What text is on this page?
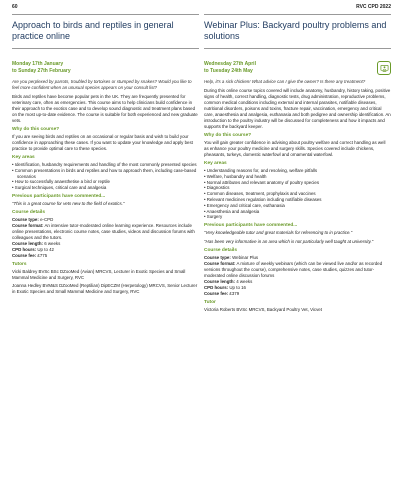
60	RVC CPD 2022
Approach to birds and reptiles in general practice online
Monday 17th January
to Sunday 27th February

Are you perplexed by parrots, troubled by tortoises or stumped by snakes? Would you like to feel more confident when an unusual species appears on your consult list?

Birds and reptiles have become popular pets in the UK. They are frequently presented for veterinary care, often as emergencies. This course aims to help clinicians build confidence in their approach to the exotics case and to develop sound diagnostic and treatment plans based on the most up-to-date evidence. The course is suitable for both experienced and new graduate vets.

Why do this course?

If you are seeing birds and reptiles on an occasional or regular basis and wish to build your confidence in approaching these cases. If you want to update your knowledge and apply best practice to provide optimal care to these species.

Key areas
• Identification, husbandry requirements and handling of the most commonly presented species
• Common presentations in birds and reptiles and how to approach them, including case-based scenarios
• How to successfully anaesthetise a bird or reptile
• Surgical techniques, critical care and analgesia
Previous participants have commented...

"This is a great course for vets new to the field of exotics."

Course details

Course type: e-CPD

Course format: An intensive tutor-moderated online learning experience. Resources include online presentations, electronic course notes, case studies, videos and discussion forums with colleagues and the tutors.

Course length: 6 weeks

CPD hours: Up to 42

Course fee: £775

Tutors

Vicki Baldrey BVSc BSc DZooMed (Avian) MRCVS, Lecturer in Exotic Species and Small Mammal Medicine and Surgery, RVC

Joanna Hedley BVM&S DZooMed (Reptilian) DipECZM (Herpetology) MRCVS, Senior Lecturer in Exotic Species and Small Mammal Medicine and Surgery, RVC

Webinar Plus: Backyard poultry problems and solutions
Wednesday 27th April
to Tuesday 24th May

Help, it's a sick chicken! What advice can I give the owner? Is there any treatment?

During this online course topics covered will include anatomy, husbandry, history taking, positive signs of health, correct handling, diagnostic tests, drug administration, reproductive problems, common medical conditions including external and internal parasites, notifiable diseases, nutritional disorders, poisons and toxins, fracture repair, vaccination, emergency and critical care, anaesthesia and analgesia, euthanasia and both pedigree and ownership identification. An introduction to the poultry industry will be discussed for completeness and how it impacts and supports the backyard keeper.

Why do this course?

You will gain greater confidence in advising about poultry welfare and correct handling as well as enhance your poultry medicine and surgery skills. Species covered include chickens, pheasants, turkeys, domestic waterfowl and ornamental waterfowl.

Key areas
• Understanding reasons for, and resolving, welfare pitfalls
• Welfare, husbandry and health
• Normal attributes and relevant anatomy of poultry species
• Diagnostics
• Common diseases, treatment, prophylaxis and vaccines
• Relevant medicines regulation including notifiable diseases
• Emergency and critical care, euthanasia
• Anaesthesia and analgesia
• Surgery
Previous participants have commented...

"Very knowledgeable tutor and great materials for referencing to in practice."

"Has been very informative in an area which is not particularly well taught at university."

Course details

Course type: Webinar Plus

Course format: A mixture of weekly webinars (which can be viewed live and/or as recorded versions throughout the course), comprehensive notes, case studies, quizzes and tutor-moderated online discussion forums

Course length: 4 weeks

CPD hours: Up to 16

Course fee: £379

Tutor

Victoria Roberts BVSc MRCVS, Backyard Poultry Vet, Vicvet
